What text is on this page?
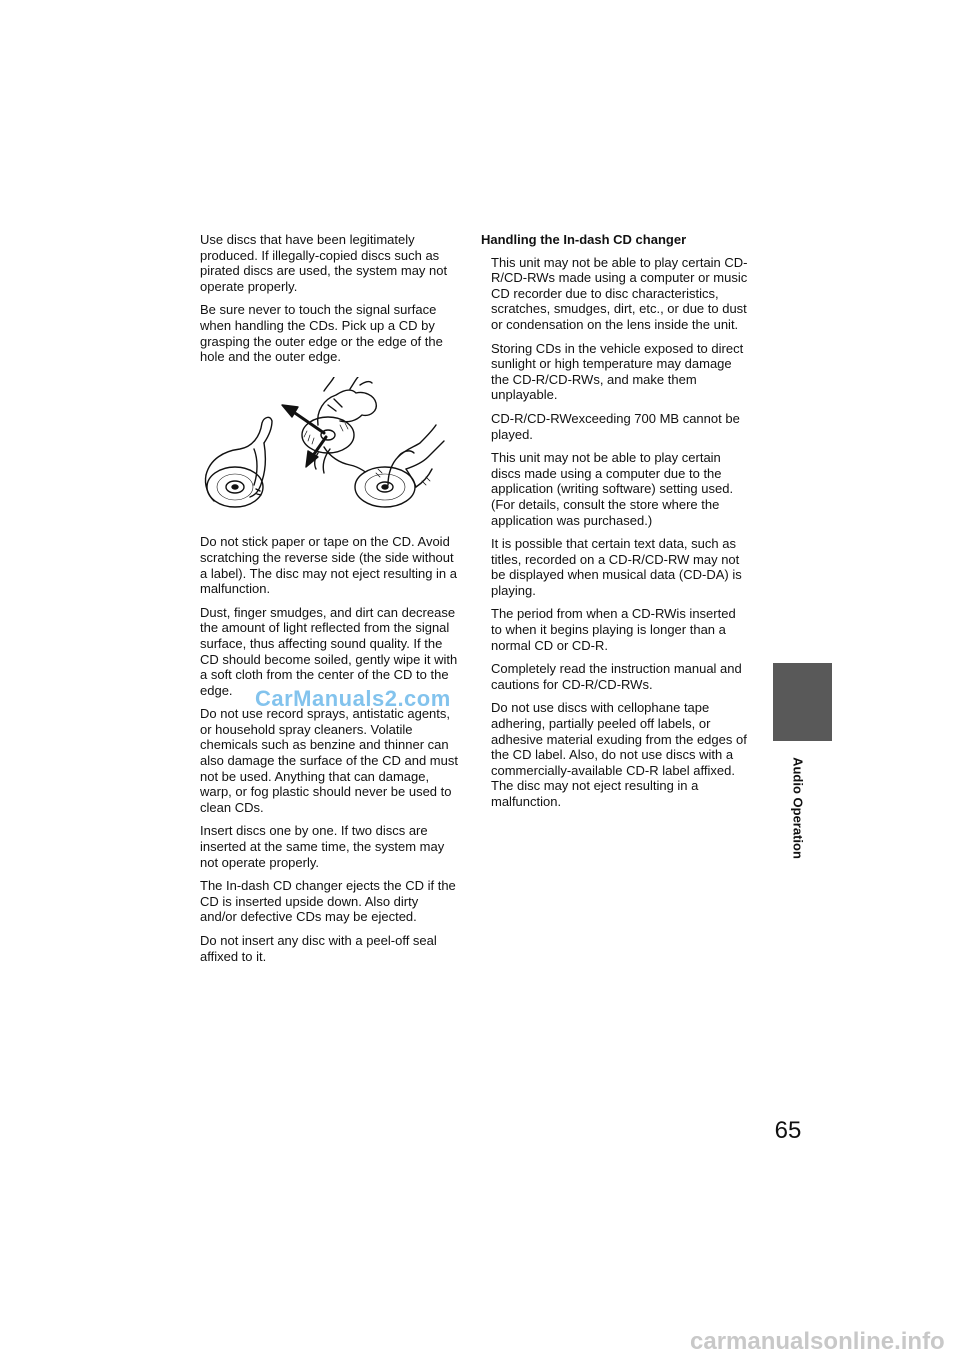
Use discs that have been legitimately produced. If illegally-copied discs such as pirated discs are used, the system may not operate properly.

Be sure never to touch the signal surface when handling the CDs. Pick up a CD by grasping the outer edge or the edge of the hole and the outer edge.

Do not stick paper or tape on the CD. Avoid scratching the reverse side (the side without a label). The disc may not eject resulting in a malfunction.

Dust, finger smudges, and dirt can decrease the amount of light reflected from the signal surface, thus affecting sound quality. If the CD should become soiled, gently wipe it with a soft cloth from the center of the CD to the edge.

Do not use record sprays, antistatic agents, or household spray cleaners. Volatile chemicals such as benzine and thinner can also damage the surface of the CD and must not be used. Anything that can damage, warp, or fog plastic should never be used to clean CDs.

Insert discs one by one. If two discs are inserted at the same time, the system may not operate properly.

The In-dash CD changer ejects the CD if the CD is inserted upside down. Also dirty and/or defective CDs may be ejected.

Do not insert any disc with a peel-off seal affixed to it.

Handling the In-dash CD changer

This unit may not be able to play certain CD-R/CD-RWs made using a computer or music CD recorder due to disc characteristics, scratches, smudges, dirt, etc., or due to dust or condensation on the lens inside the unit.

Storing CDs in the vehicle exposed to direct sunlight or high temperature may damage the CD-R/CD-RWs, and make them unplayable.

CD-R/CD-RWexceeding 700 MB cannot be played.

This unit may not be able to play certain discs made using a computer due to the application (writing software) setting used. (For details, consult the store where the application was purchased.)

It is possible that certain text data, such as titles, recorded on a CD-R/CD-RW may not be displayed when musical data (CD-DA) is playing.

The period from when a CD-RWis inserted to when it begins playing is longer than a normal CD or CD-R.

Completely read the instruction manual and cautions for CD-R/CD-RWs.

Do not use discs with cellophane tape adhering, partially peeled off labels, or adhesive material exuding from the edges of the CD label. Also, do not use discs with a commercially-available CD-R label affixed. The disc may not eject resulting in a malfunction.	Audio Operation
65
CarManuals2.com
carmanualsonline.info
